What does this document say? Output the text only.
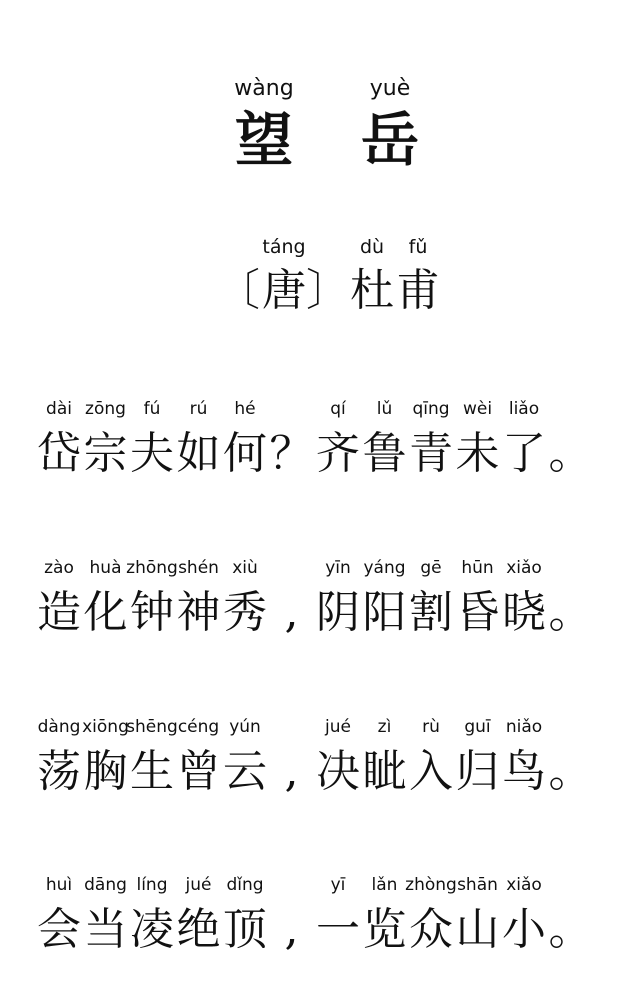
wàng
望
yuè
岳
〔
táng
唐 〕
dù
杜
fǔ
甫
dài
岱
zōng
宗
fú
夫
rú
如
hé
何 ？
qí
齐
lǔ
鲁
qīng
青
wèi
未
liǎo
了 。
zào
造
huà
化
zhōng
钟
shén
神
xiù
秀 ,
yīn
阴
yáng
阳
gē
割
hūn
昏
xiǎo
晓 。
dàng
荡
xiōng
胸
shēng
生
céng
曾
yún
云 ,
jué
决
zì
眦
rù
入
guī
归
niǎo
鸟 。
huì
会
dāng
当
líng
凌
jué
绝
dǐng
顶 ,
yī
一
lǎn
览
zhòng
众
shān
山
xiǎo
小 。
